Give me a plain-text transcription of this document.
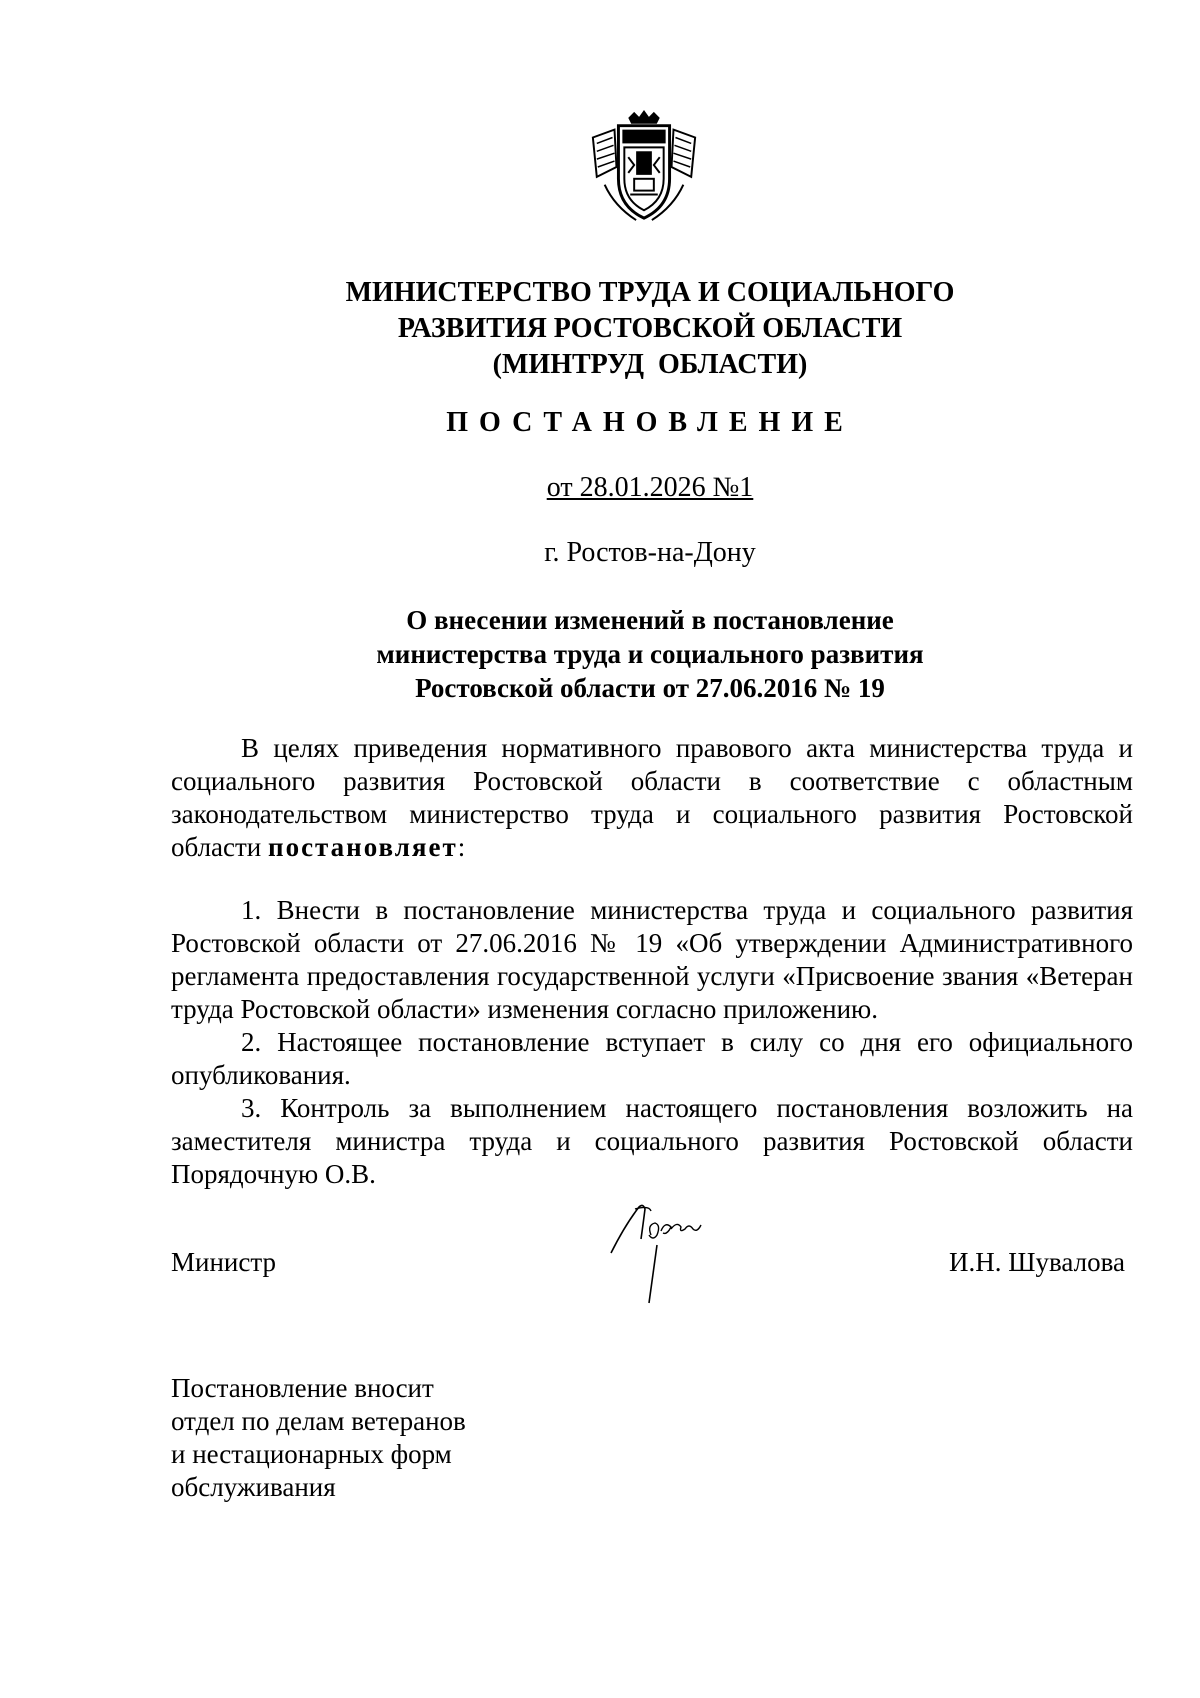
МИНИСТЕРСТВО ТРУДА И СОЦИАЛЬНОГО
РАЗВИТИЯ РОСТОВСКОЙ ОБЛАСТИ
(МИНТРУД  ОБЛАСТИ)
ПОСТАНОВЛЕНИЕ
от 28.01.2026 №1
г. Ростов-на-Дону
О внесении изменений в постановление
министерства труда и социального развития
Ростовской области от 27.06.2016 № 19

В целях приведения нормативного правового акта министерства труда и социального развития Ростовской области в соответствие с областным законодательством министерство труда и социального развития Ростовской области постановляет:

1. Внести в постановление министерства труда и социального развития Ростовской области от 27.06.2016 № 19 «Об утверждении Административного регламента предоставления государственной услуги «Присвоение звания «Ветеран труда Ростовской области» изменения согласно приложению.

2. Настоящее постановление вступает в силу со дня его официального опубликования.

3. Контроль за выполнением настоящего постановления возложить на заместителя министра труда и социального развития Ростовской области Порядочную О.В.

Министр	И.Н. Шувалова
Постановление вносит
отдел по делам ветеранов
и нестационарных форм
обслуживания
